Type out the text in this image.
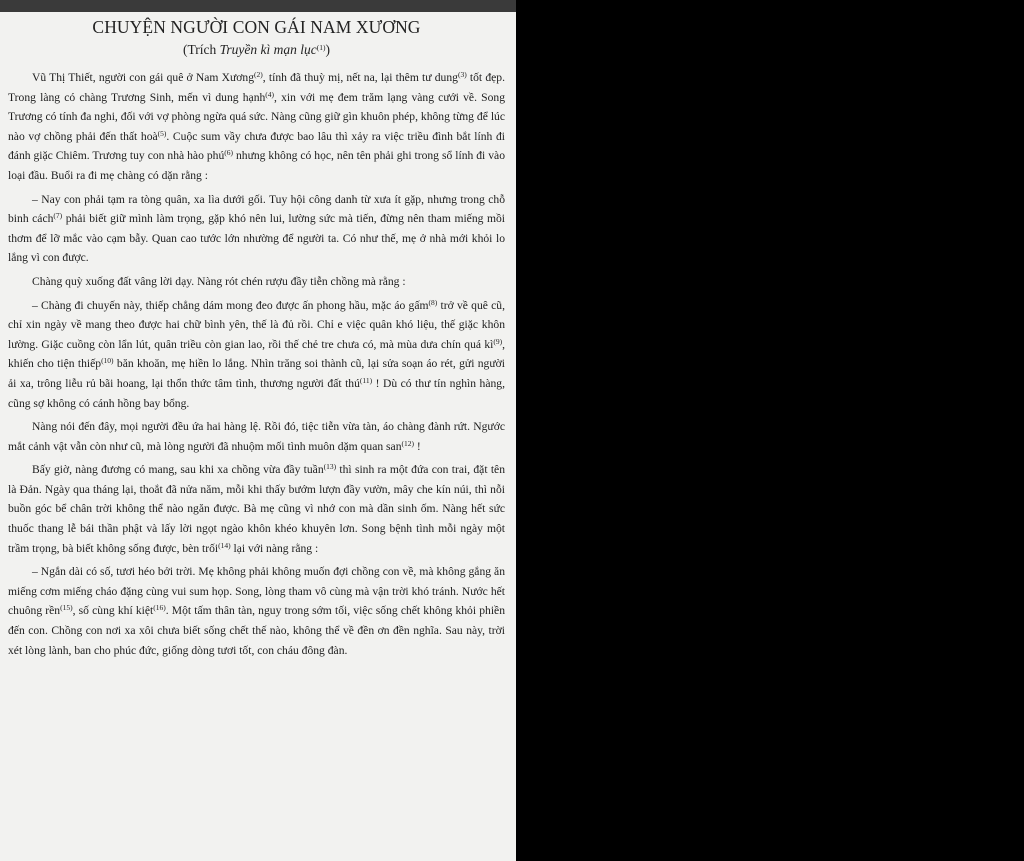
CHUYỆN NGƯỜI CON GÁI NAM XƯƠNG
(Trích Truyền kì mạn lục$^{(1)}$)

Vũ Thị Thiết, người con gái quê ở Nam Xương$^{(2)}$, tính đã thuỳ mị, nết na, lại thêm tư dung$^{(3)}$ tốt đẹp. Trong làng có chàng Trương Sinh, mến vì dung hạnh$^{(4)}$, xin với mẹ đem trăm lạng vàng cưới về. Song Trương có tính đa nghi, đối với vợ phòng ngừa quá sức. Nàng cũng giữ gìn khuôn phép, không từng để lúc nào vợ chồng phải đến thất hoà$^{(5)}$. Cuộc sum vầy chưa được bao lâu thì xảy ra việc triều đình bắt lính đi đánh giặc Chiêm. Trương tuy con nhà hào phú$^{(6)}$ nhưng không có học, nên tên phải ghi trong sổ lính đi vào loại đầu. Buổi ra đi mẹ chàng có dặn rằng :

– Nay con phải tạm ra tòng quân, xa lìa dưới gối. Tuy hội công danh từ xưa ít gặp, nhưng trong chỗ binh cách$^{(7)}$ phải biết giữ mình làm trọng, gặp khó nên lui, lường sức mà tiến, đừng nên tham miếng mồi thơm để lỡ mắc vào cạm bẫy. Quan cao tước lớn nhường để người ta. Có như thế, mẹ ở nhà mới khỏi lo lắng vì con được.

Chàng quỳ xuống đất vâng lời dạy. Nàng rót chén rượu đầy tiễn chồng mà rằng :

– Chàng đi chuyến này, thiếp chẳng dám mong đeo được ấn phong hầu, mặc áo gấm$^{(8)}$ trở về quê cũ, chỉ xin ngày về mang theo được hai chữ bình yên, thế là đủ rồi. Chỉ e việc quân khó liệu, thế giặc khôn lường. Giặc cuồng còn lẩn lút, quân triều còn gian lao, rồi thế chẻ tre chưa có, mà mùa dưa chín quá $kì^{(9)}$, khiến cho tiện thiếp$^{(10)}$ băn khoăn, mẹ hiền lo lắng. Nhìn trăng soi thành cũ, lại sửa soạn áo rét, gửi người ải xa, trông liễu rủ bãi hoang, lại thổn thức tâm tình, thương người đất thú$^{(11)}$ ! Dù có thư tín nghìn hàng, cũng sợ không có cánh hồng bay bổng.

Nàng nói đến đây, mọi người đều ứa hai hàng lệ. Rồi đó, tiệc tiễn vừa tàn, áo chàng đành rứt. Ngước mắt cảnh vật vẫn còn như cũ, mà lòng người đã nhuộm mối tình muôn dặm quan san$^{(12)}$ !

Bấy giờ, nàng đương có mang, sau khi xa chồng vừa đầy tuần$^{(13)}$ thì sinh ra một đứa con trai, đặt tên là Đản. Ngày qua tháng lại, thoắt đã nửa năm, mỗi khi thấy bướm lượn đầy vườn, mây che kín núi, thì nỗi buồn góc bể chân trời không thể nào ngăn được. Bà mẹ cũng vì nhớ con mà dần sinh ốm. Nàng hết sức thuốc thang lễ bái thần phật và lấy lời ngọt ngào khôn khéo khuyên lơn. Song bệnh tình mỗi ngày một trầm trọng, bà biết không sống được, bèn trối$^{(14)}$ lại với nàng rằng :

– Ngắn dài có số, tươi héo bởi trời. Mẹ không phải không muốn đợi chồng con về, mà không gắng ăn miếng cơm miếng cháo đặng cùng vui sum họp. Song, lòng tham vô cùng mà vận trời khó tránh. Nước hết chuông rền$^{(15)}$, số cùng khí kiệt$^{(16)}$. Một tấm thân tàn, nguy trong sớm tối, việc sống chết không khỏi phiền đến con. Chồng con nơi xa xôi chưa biết sống chết thế nào, không thể về đền ơn đền nghĩa. Sau này, trời xét lòng lành, ban cho phúc đức, giống dòng tươi tốt, con cháu đông đàn.
